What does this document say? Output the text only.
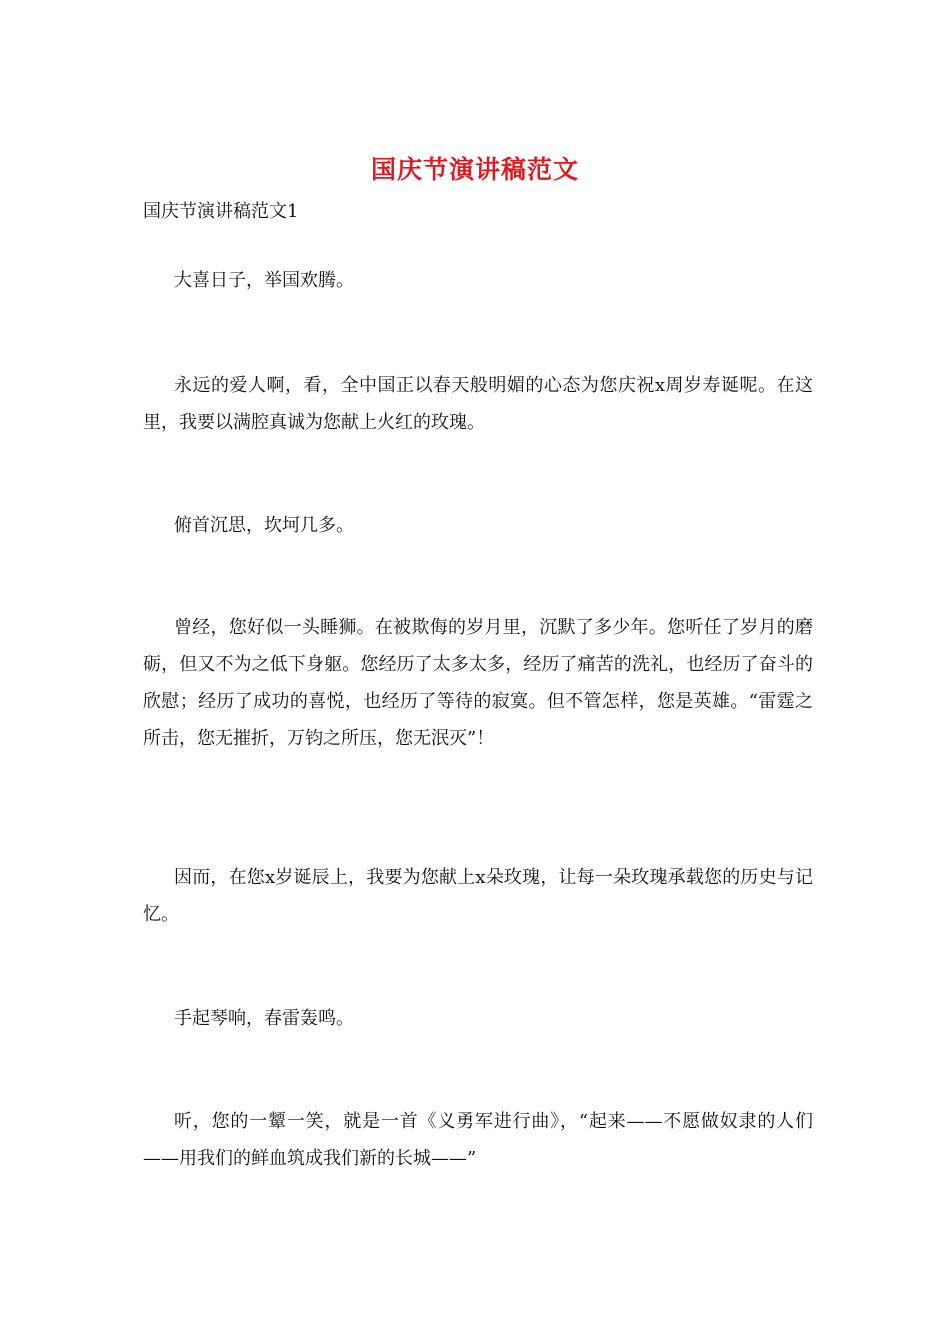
国庆节演讲稿范文
国庆节演讲稿范文1

大喜日子，举国欢腾。

永远的爱人啊，看，全中国正以春天般明媚的心态为您庆祝x周岁寿诞呢。在这里，我要以满腔真诚为您献上火红的玫瑰。

俯首沉思，坎坷几多。

曾经，您好似一头睡狮。在被欺侮的岁月里，沉默了多少年。您听任了岁月的磨砺，但又不为之低下身躯。您经历了太多太多，经历了痛苦的洗礼，也经历了奋斗的欣慰；经历了成功的喜悦，也经历了等待的寂寞。但不管怎样，您是英雄。“雷霆之所击，您无摧折，万钧之所压，您无泯灭”！

因而，在您x岁诞辰上，我要为您献上x朵玫瑰，让每一朵玫瑰承载您的历史与记忆。

手起琴响，春雷轰鸣。

听，您的一颦一笑，就是一首《义勇军进行曲》，“起来——不愿做奴隶的人们——用我们的鲜血筑成我们新的长城——”
